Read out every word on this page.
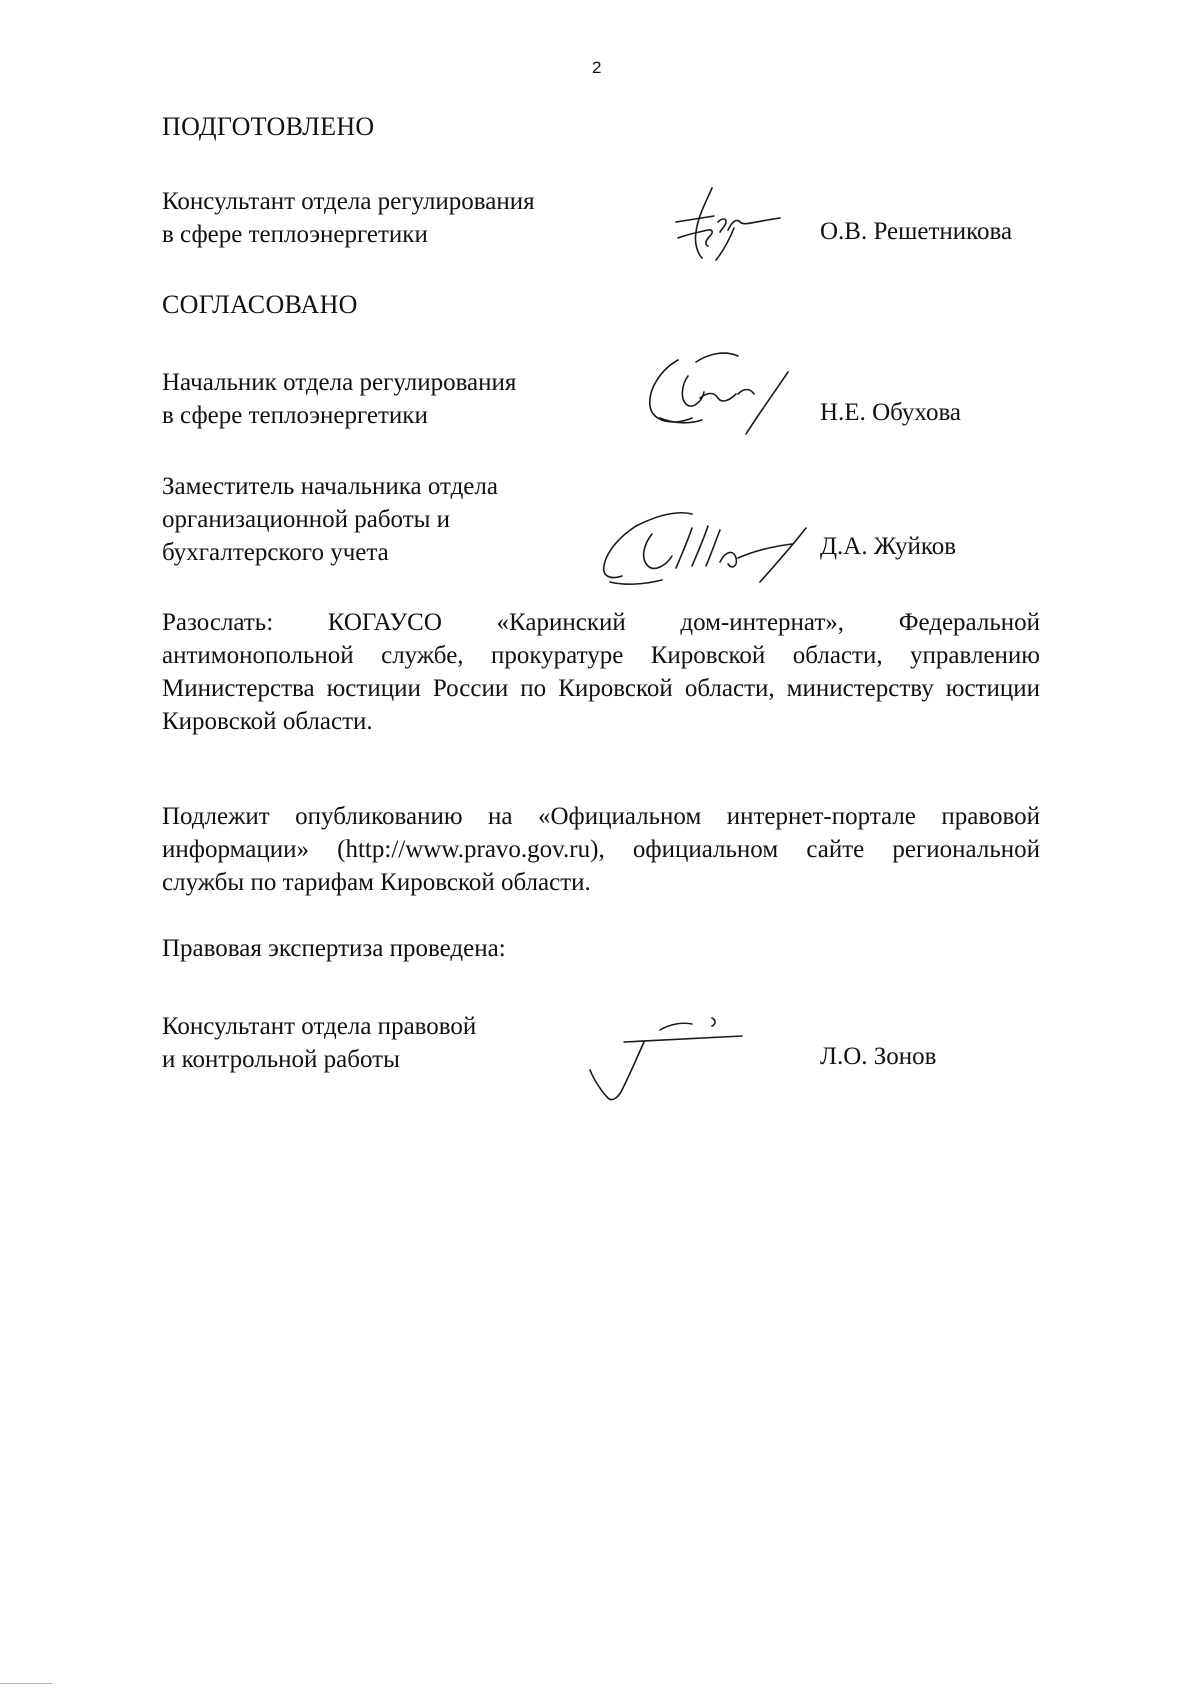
2
ПОДГОТОВЛЕНО
Консультант отдела регулирования
в сфере теплоэнергетики	О.В. Решетникова
СОГЛАСОВАНО
Начальник отдела регулирования
в сфере теплоэнергетики	Н.Е. Обухова
Заместитель начальника отдела
организационной работы и
бухгалтерского учета	Д.А. Жуйков
Разослать: КОГАУСО «Каринский дом-интернат», Федеральной антимонопольной службе, прокуратуре Кировской области, управлению Министерства юстиции России по Кировской области, министерству юстиции Кировской области.
Подлежит опубликованию на «Официальном интернет-портале правовой информации» (http://www.pravo.gov.ru), официальном сайте региональной службы по тарифам Кировской области.
Правовая экспертиза проведена:
Консультант отдела правовой
и контрольной работы	Л.О. Зонов
